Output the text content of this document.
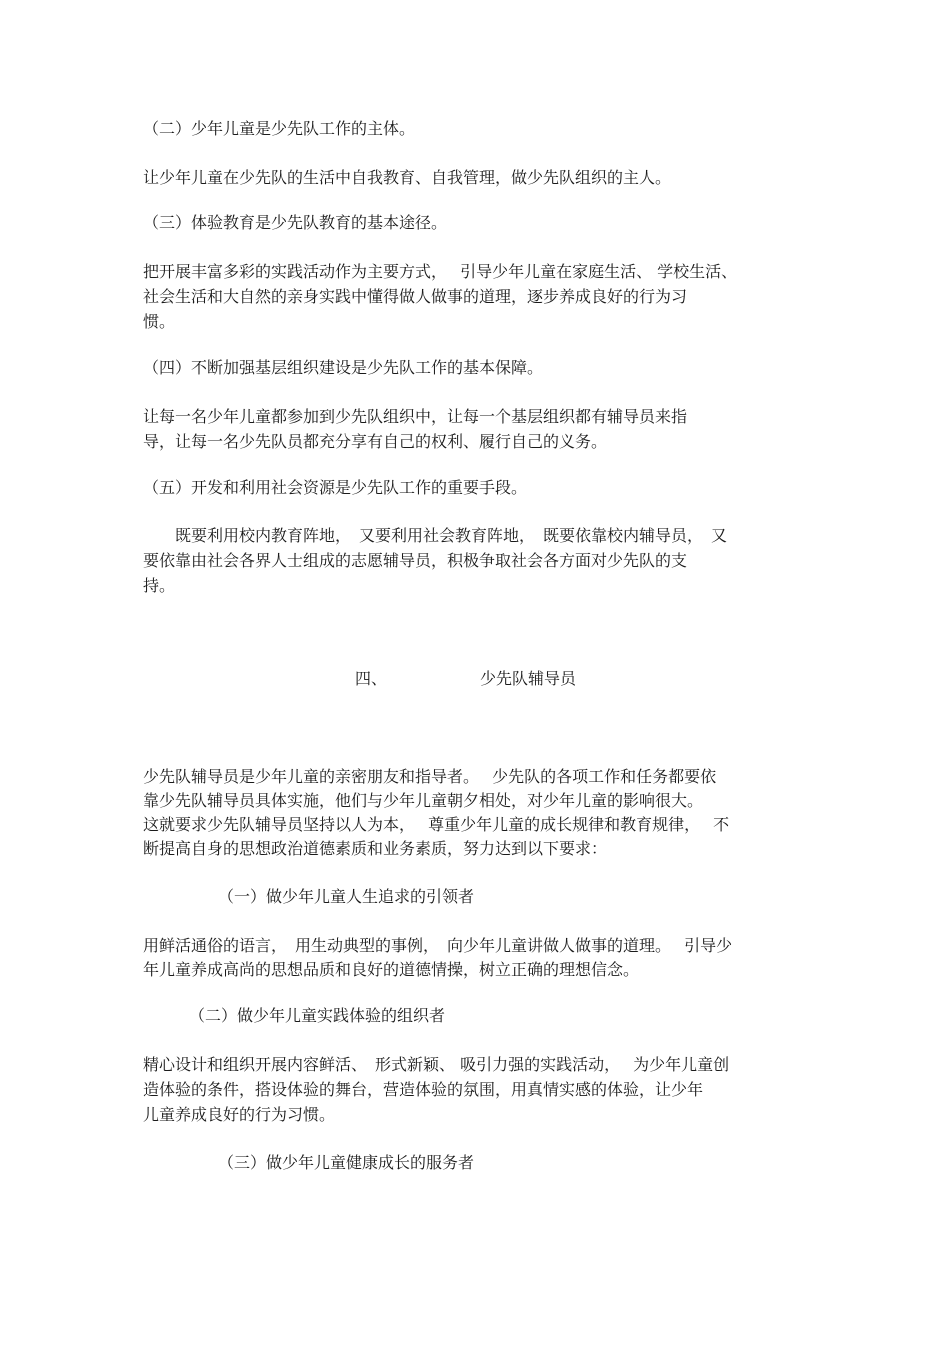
（二）少年儿童是少先队工作的主体。
让少年儿童在少先队的生活中自我教育、自我管理，做少先队组织的主人。
（三）体验教育是少先队教育的基本途径。
把开展丰富多彩的实践活动作为主要方式，　 引导少年儿童在家庭生活、 学校生活、
社会生活和大自然的亲身实践中懂得做人做事的道理，逐步养成良好的行为习
惯。
（四）不断加强基层组织建设是少先队工作的基本保障。
让每一名少年儿童都参加到少先队组织中，让每一个基层组织都有辅导员来指
导，让每一名少先队员都充分享有自己的权利、履行自己的义务。
（五）开发和利用社会资源是少先队工作的重要手段。
　　既要利用校内教育阵地，　又要利用社会教育阵地，　既要依靠校内辅导员，　又
要依靠由社会各界人士组成的志愿辅导员，积极争取社会各方面对少先队的支
持。
四、	少先队辅导员
少先队辅导员是少年儿童的亲密朋友和指导者。　 少先队的各项工作和任务都要依
靠少先队辅导员具体实施，他们与少年儿童朝夕相处，对少年儿童的影响很大。
这就要求少先队辅导员坚持以人为本，　 尊重少年儿童的成长规律和教育规律，　 不
断提高自身的思想政治道德素质和业务素质，努力达到以下要求：
（一）做少年儿童人生追求的引领者
用鲜活通俗的语言，　用生动典型的事例，　向少年儿童讲做人做事的道理。　 引导少
年儿童养成高尚的思想品质和良好的道德情操，树立正确的理想信念。
（二）做少年儿童实践体验的组织者
精心设计和组织开展内容鲜活、　形式新颖、 吸引力强的实践活动，　 为少年儿童创
造体验的条件，搭设体验的舞台，营造体验的氛围，用真情实感的体验，让少年
儿童养成良好的行为习惯。
（三）做少年儿童健康成长的服务者
